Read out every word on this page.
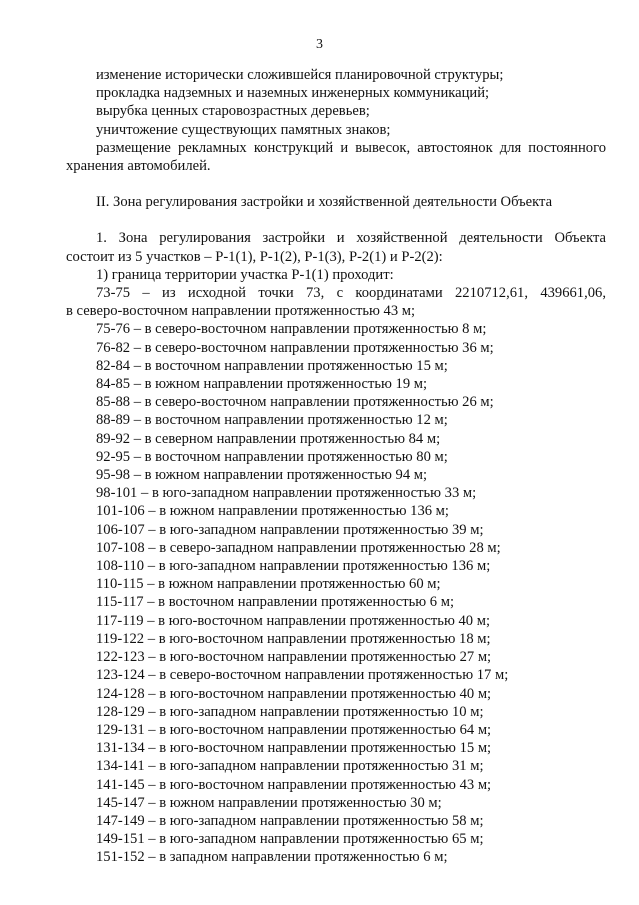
3
изменение исторически сложившейся планировочной структуры;
прокладка надземных и наземных инженерных коммуникаций;
вырубка ценных старовозрастных деревьев;
уничтожение существующих памятных знаков;
размещение рекламных конструкций и вывесок, автостоянок для постоянного
хранения автомобилей.
II. Зона регулирования застройки и хозяйственной деятельности Объекта
1. Зона регулирования застройки и хозяйственной деятельности Объекта
состоит из 5 участков – Р-1(1), Р-1(2), Р-1(3), Р-2(1) и Р-2(2):
1) граница территории участка Р-1(1) проходит:
73-75 – из исходной точки 73, с координатами 2210712,61, 439661,06,
в северо-восточном направлении протяженностью 43 м;
75-76 – в северо-восточном направлении протяженностью 8 м;
76-82 – в северо-восточном направлении протяженностью 36 м;
82-84 – в восточном направлении протяженностью 15 м;
84-85 – в южном направлении протяженностью 19 м;
85-88 – в северо-восточном направлении протяженностью 26 м;
88-89 – в восточном направлении протяженностью 12 м;
89-92 – в северном направлении протяженностью 84 м;
92-95 – в восточном направлении протяженностью 80 м;
95-98 – в южном направлении протяженностью 94 м;
98-101 – в юго-западном направлении протяженностью 33 м;
101-106 – в южном направлении протяженностью 136 м;
106-107 – в юго-западном направлении протяженностью 39 м;
107-108 – в северо-западном направлении протяженностью 28 м;
108-110 – в юго-западном направлении протяженностью 136 м;
110-115 – в южном направлении протяженностью 60 м;
115-117 – в восточном направлении протяженностью 6 м;
117-119 – в юго-восточном направлении протяженностью 40 м;
119-122 – в юго-восточном направлении протяженностью 18 м;
122-123 – в юго-восточном направлении протяженностью 27 м;
123-124 – в северо-восточном направлении протяженностью 17 м;
124-128 – в юго-восточном направлении протяженностью 40 м;
128-129 – в юго-западном направлении протяженностью 10 м;
129-131 – в юго-восточном направлении протяженностью 64 м;
131-134 – в юго-восточном направлении протяженностью 15 м;
134-141 – в юго-западном направлении протяженностью 31 м;
141-145 – в юго-восточном направлении протяженностью 43 м;
145-147 – в южном направлении протяженностью 30 м;
147-149 – в юго-западном направлении протяженностью 58 м;
149-151 – в юго-западном направлении протяженностью 65 м;
151-152 – в западном направлении протяженностью 6 м;
